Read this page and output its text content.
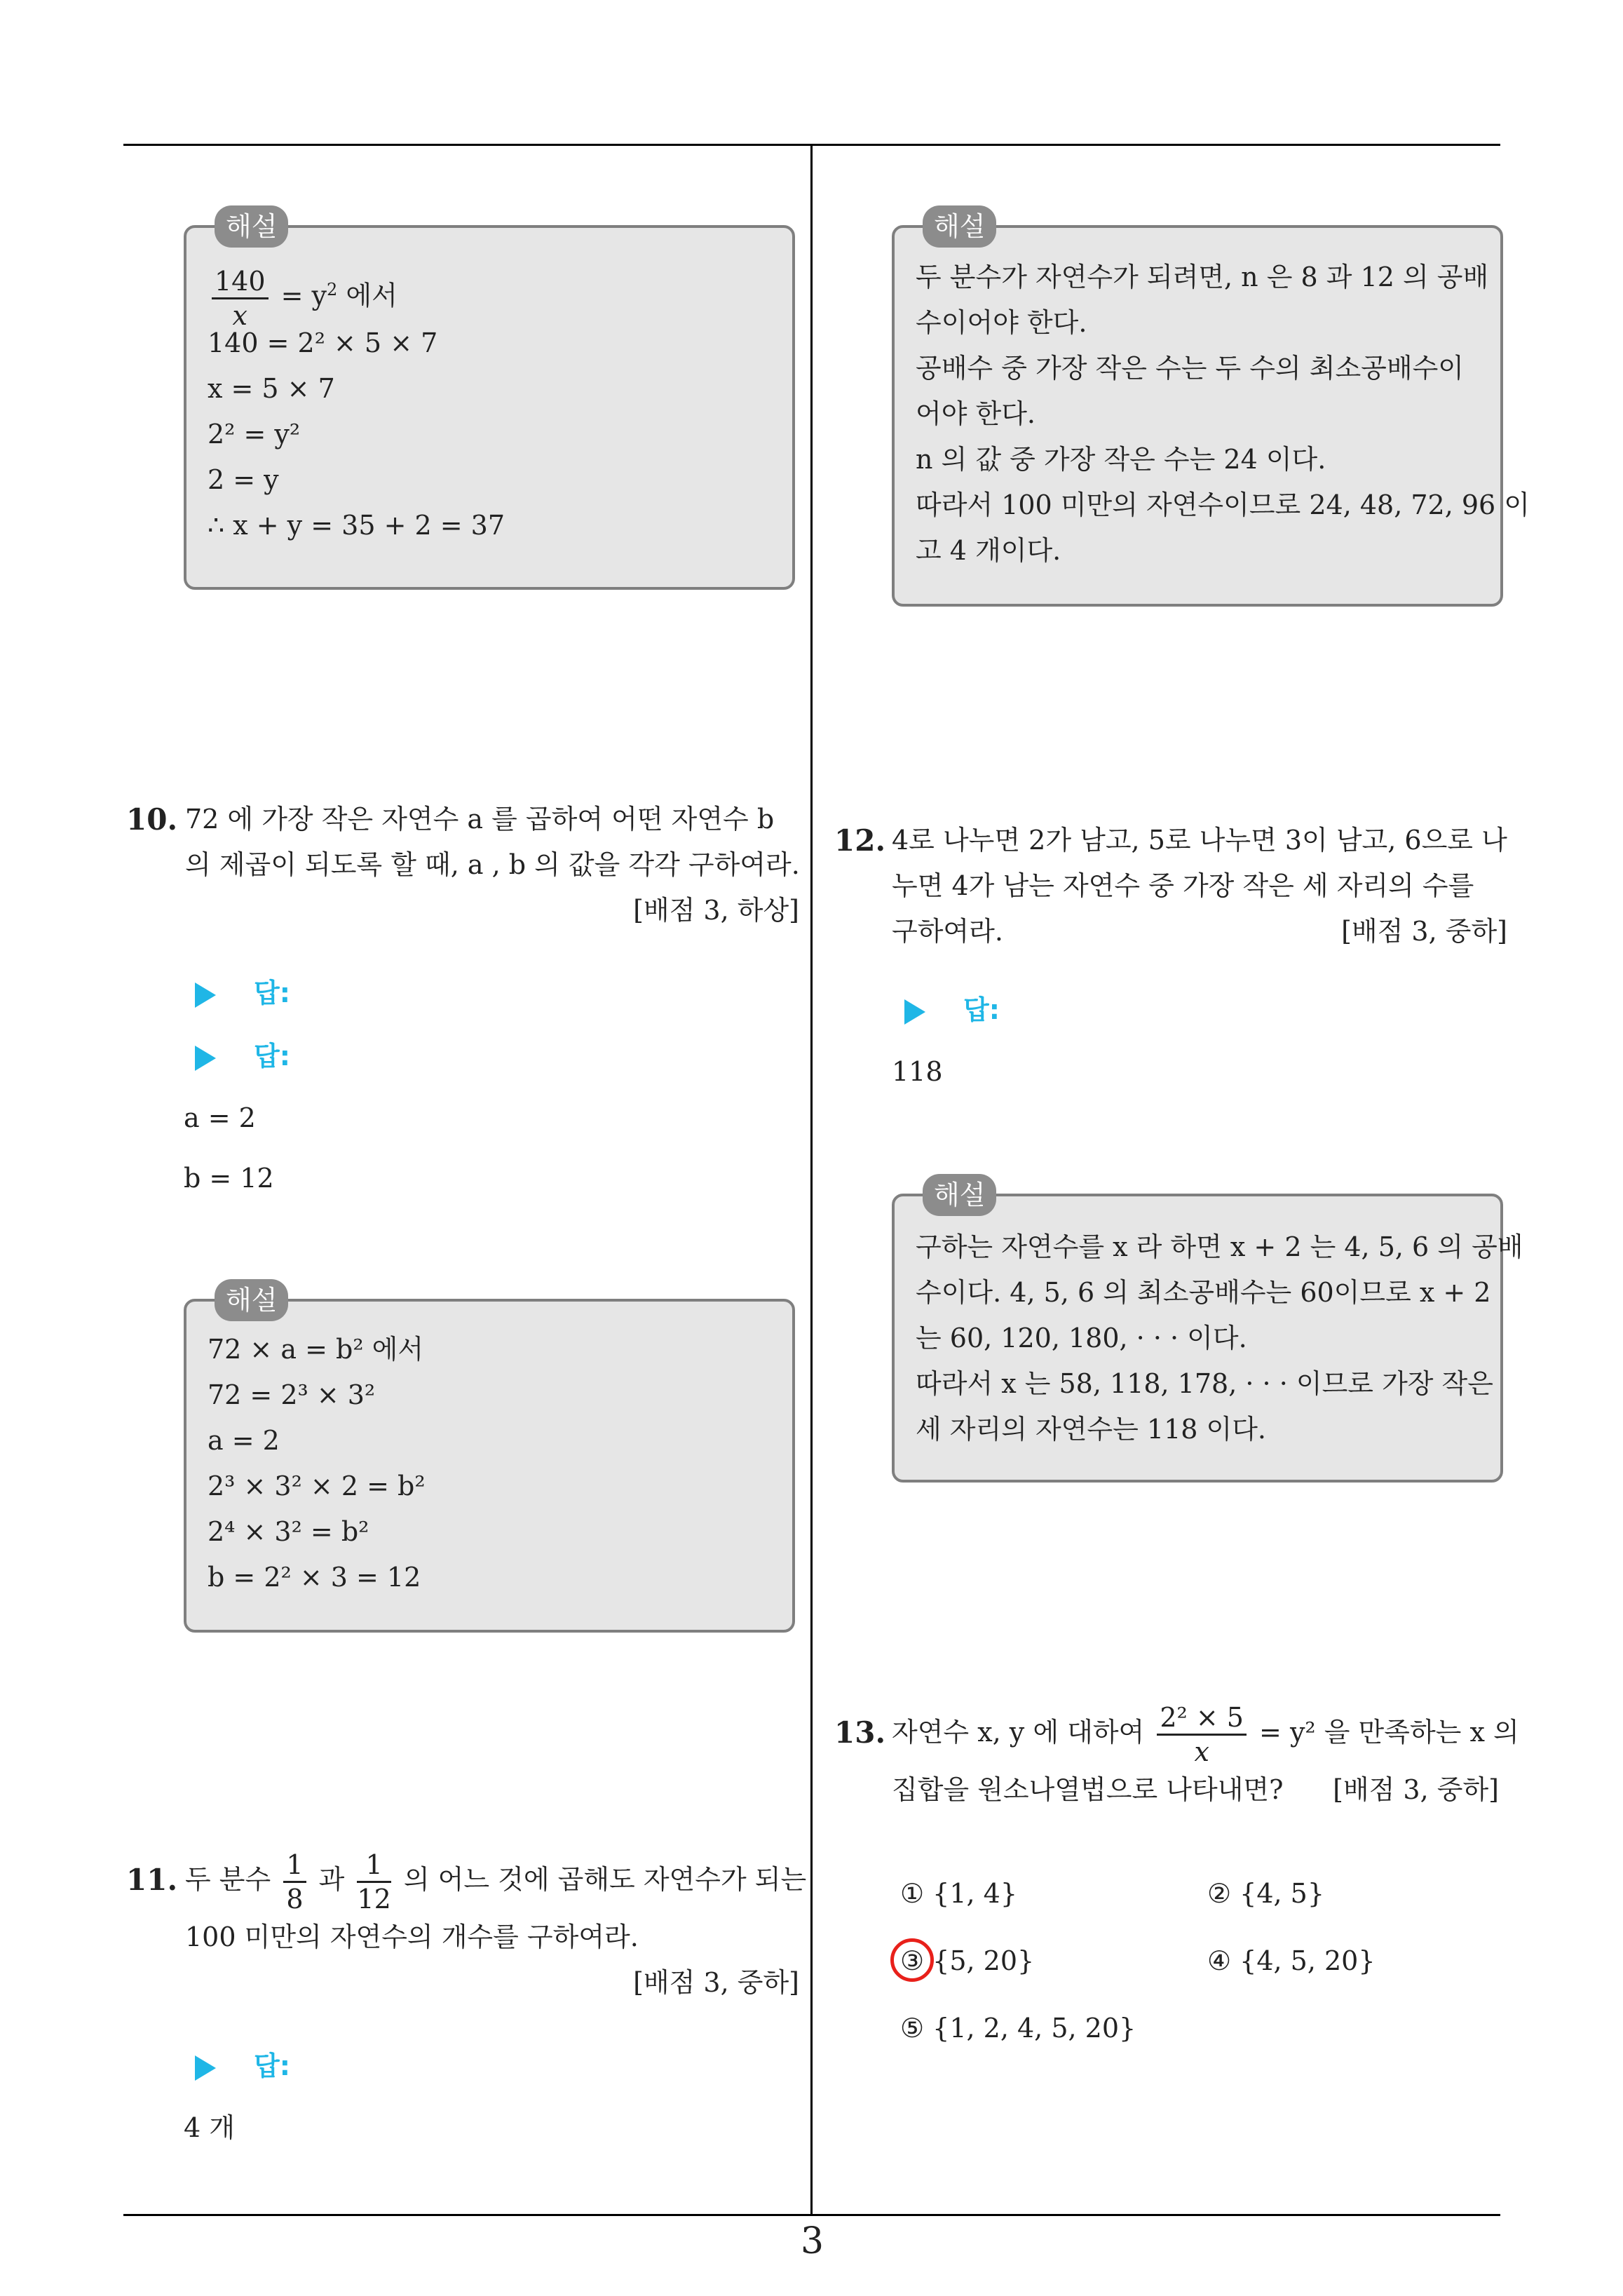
해설
$\frac{140}{x} = y^2$ 에서
140 = 2² × 5 × 7
x = 5 × 7
2² = y²
2 = y
∴ x + y = 35 + 2 = 37
10. 72 에 가장 작은 자연수 a 를 곱하여 어떤 자연수 b
의 제곱이 되도록 할 때, a , b 의 값을 각각 구하여라.
[배점 3, 하상]
답:
답:
a = 2
b = 12
해설
72 × a = b² 에서
72 = 2³ × 3²
a = 2
2³ × 3² × 2 = b²
2⁴ × 3² = b²
b = 2² × 3 = 12
11. 두 분수 $\frac{1}{8}$ 과 $\frac{1}{12}$ 의 어느 것에 곱해도 자연수가 되는
100 미만의 자연수의 개수를 구하여라.
[배점 3, 중하]
답:
4 개
해설
두 분수가 자연수가 되려면, n 은 8 과 12 의 공배
수이어야 한다.
공배수 중 가장 작은 수는 두 수의 최소공배수이
어야 한다.
n 의 값 중 가장 작은 수는 24 이다.
따라서 100 미만의 자연수이므로 24, 48, 72, 96 이
고 4 개이다.
12. 4로 나누면 2가 남고, 5로 나누면 3이 남고, 6으로 나
누면 4가 남는 자연수 중 가장 작은 세 자리의 수를
구하여라.	[배점 3, 중하]
답:
118
해설
구하는 자연수를 x 라 하면 x + 2 는 4, 5, 6 의 공배
수이다. 4, 5, 6 의 최소공배수는 60이므로 x + 2
는 60, 120, 180, · · · 이다.
따라서 x 는 58, 118, 178, · · · 이므로 가장 작은
세 자리의 자연수는 118 이다.
13. 자연수 x, y 에 대하여 $\frac{\text{2² × 5}}{x} = y^2$ 을 만족하는 x 의
집합을 원소나열법으로 나타내면? [배점 3, 중하]
① {1, 4}	② {4, 5}
③ {5, 20}	④ {4, 5, 20}
⑤ {1, 2, 4, 5, 20}
3
